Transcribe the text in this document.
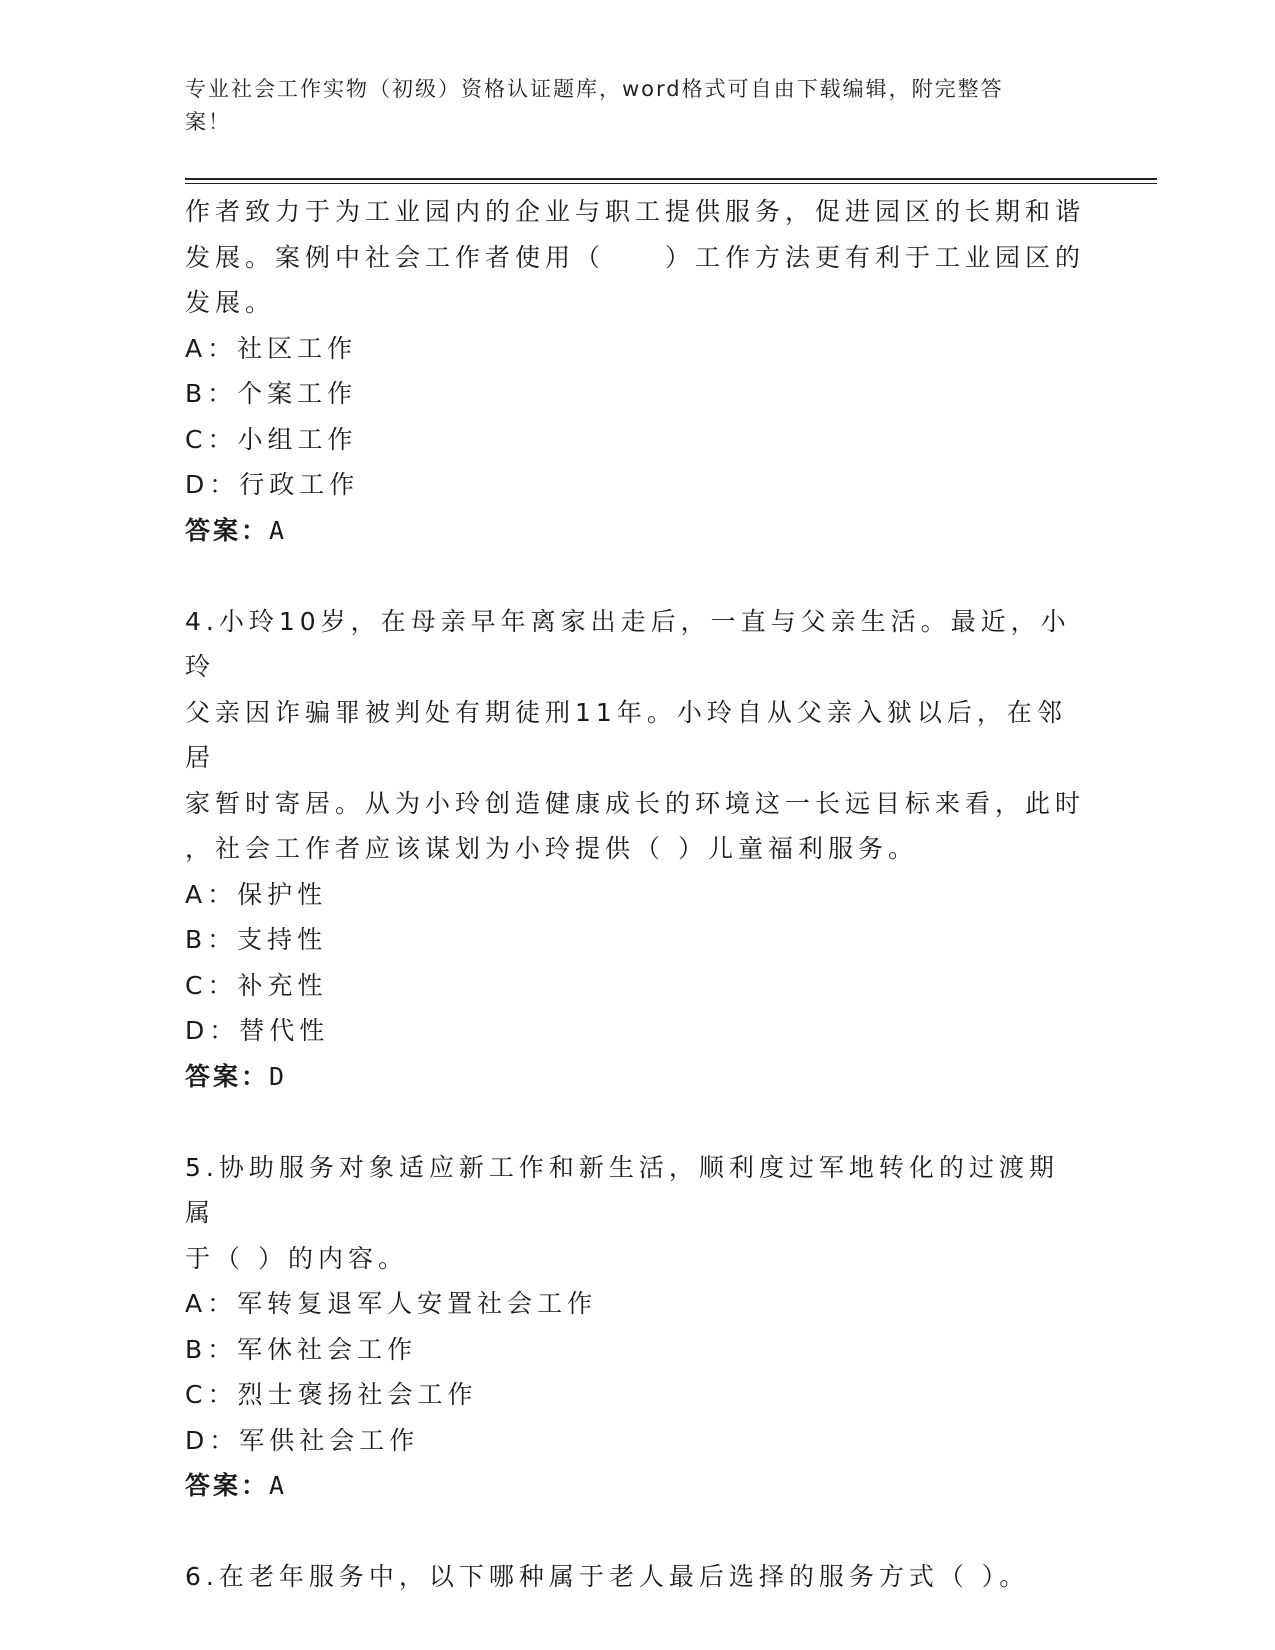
专业社会工作实物（初级）资格认证题库，word格式可自由下载编辑，附完整答
案！

作者致力于为工业园内的企业与职工提供服务，促进园区的长期和谐

发展。案例中社会工作者使用（　　）工作方法更有利于工业园区的

发展。

A：社区工作

B：个案工作

C：小组工作

D：行政工作

答案：A

4.小玲10岁，在母亲早年离家出走后，一直与父亲生活。最近，小玲

父亲因诈骗罪被判处有期徒刑11年。小玲自从父亲入狱以后，在邻居

家暂时寄居。从为小玲创造健康成长的环境这一长远目标来看，此时

，社会工作者应该谋划为小玲提供（ ）儿童福利服务。

A：保护性

B：支持性

C：补充性

D：替代性

答案：D

5.协助服务对象适应新工作和新生活，顺利度过军地转化的过渡期属

于（ ）的内容。

A：军转复退军人安置社会工作

B：军休社会工作

C：烈士褒扬社会工作

D：军供社会工作

答案：A

6.在老年服务中，以下哪种属于老人最后选择的服务方式（ ）。
